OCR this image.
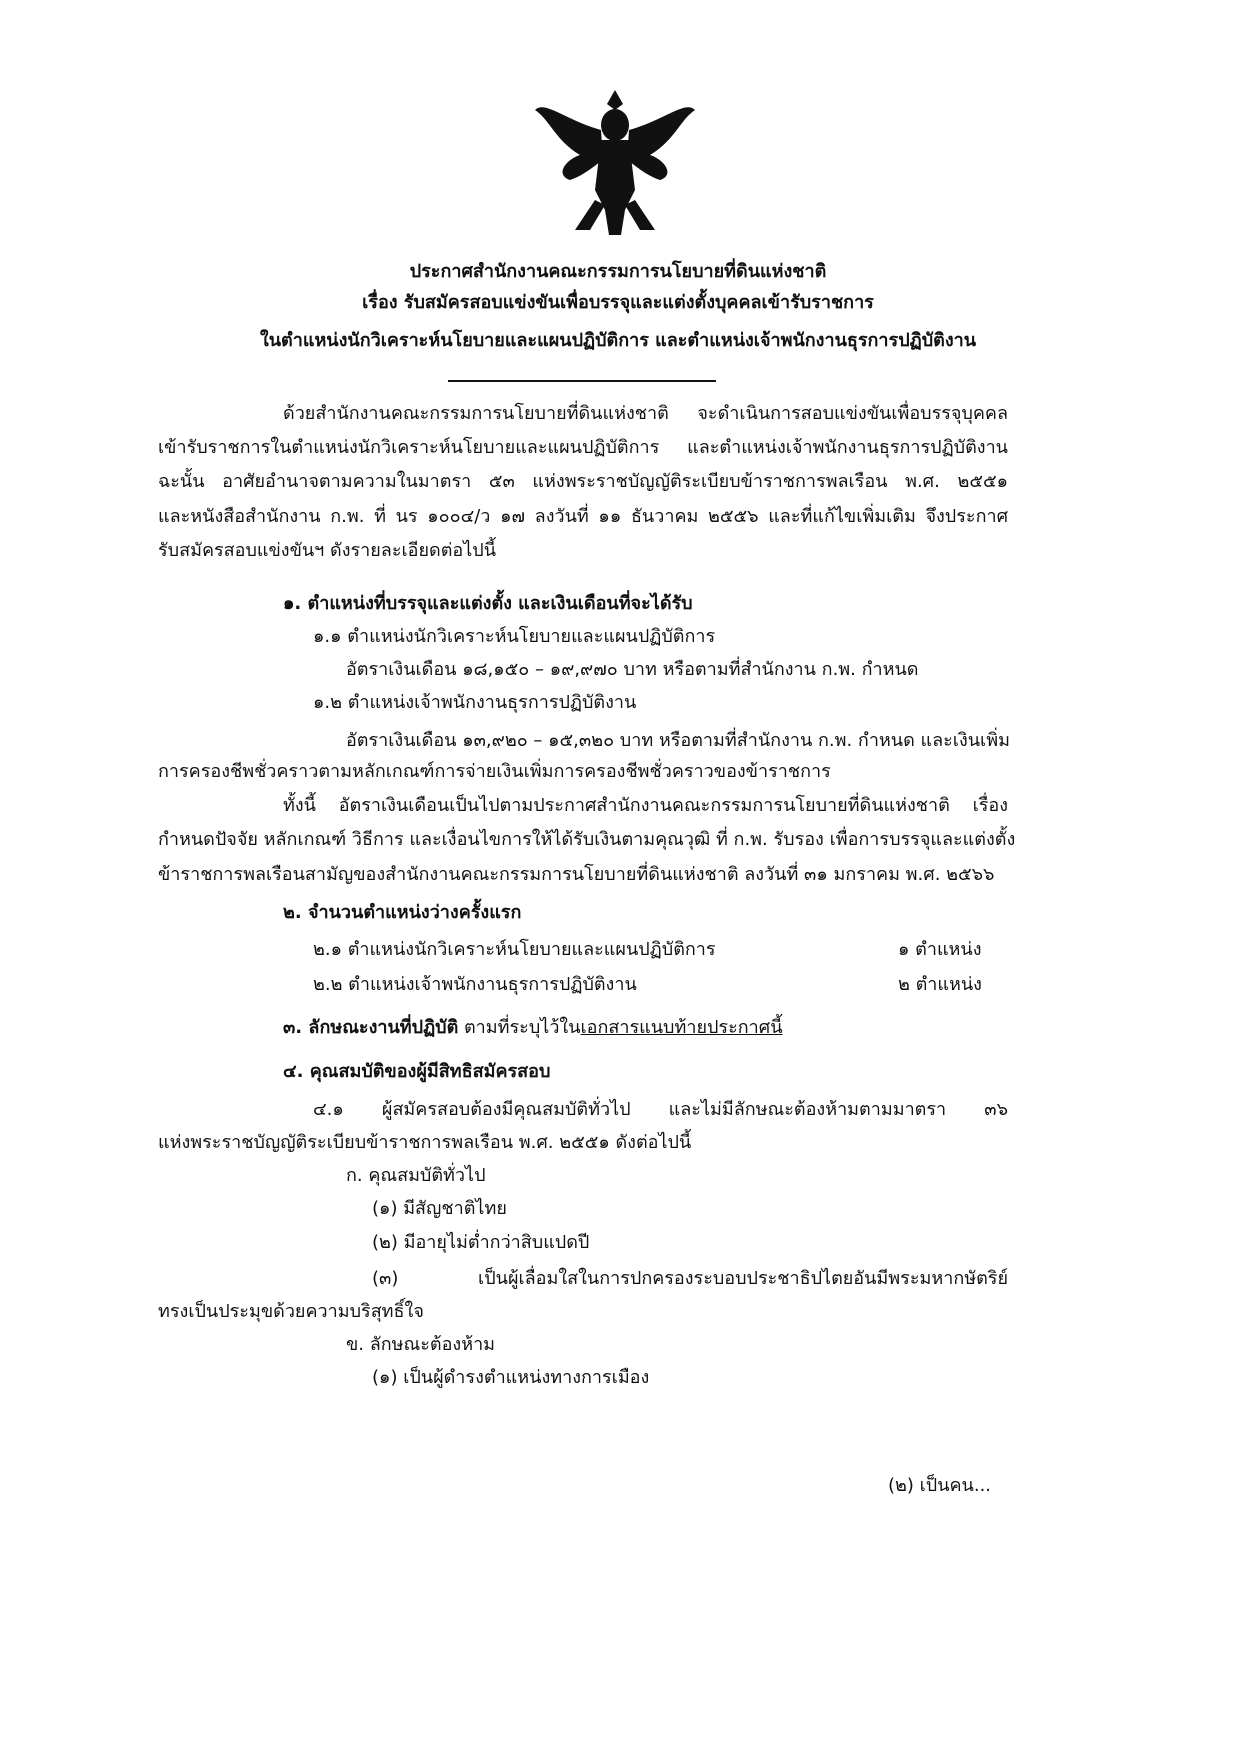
ประกาศสำนักงานคณะกรรมการนโยบายที่ดินแห่งชาติ
เรื่อง รับสมัครสอบแข่งขันเพื่อบรรจุและแต่งตั้งบุคคลเข้ารับราชการ
ในตำแหน่งนักวิเคราะห์นโยบายและแผนปฏิบัติการ และตำแหน่งเจ้าพนักงานธุรการปฏิบัติงาน
ด้วยสำนักงานคณะกรรมการนโยบายที่ดินแห่งชาติ จะดำเนินการสอบแข่งขันเพื่อบรรจุบุคคล
เข้ารับราชการในตำแหน่งนักวิเคราะห์นโยบายและแผนปฏิบัติการ และตำแหน่งเจ้าพนักงานธุรการปฏิบัติงาน
ฉะนั้น อาศัยอำนาจตามความในมาตรา ๕๓ แห่งพระราชบัญญัติระเบียบข้าราชการพลเรือน พ.ศ. ๒๕๕๑
และหนังสือสำนักงาน ก.พ. ที่ นร ๑๐๐๔/ว ๑๗ ลงวันที่ ๑๑ ธันวาคม ๒๕๕๖ และที่แก้ไขเพิ่มเติม จึงประกาศ
รับสมัครสอบแข่งขันฯ ดังรายละเอียดต่อไปนี้
๑. ตำแหน่งที่บรรจุและแต่งตั้ง และเงินเดือนที่จะได้รับ
๑.๑ ตำแหน่งนักวิเคราะห์นโยบายและแผนปฏิบัติการ
อัตราเงินเดือน ๑๘,๑๕๐ – ๑๙,๙๗๐ บาท หรือตามที่สำนักงาน ก.พ. กำหนด
๑.๒ ตำแหน่งเจ้าพนักงานธุรการปฏิบัติงาน
อัตราเงินเดือน ๑๓,๙๒๐ – ๑๕,๓๒๐ บาท หรือตามที่สำนักงาน ก.พ. กำหนด และเงินเพิ่ม
การครองชีพชั่วคราวตามหลักเกณฑ์การจ่ายเงินเพิ่มการครองชีพชั่วคราวของข้าราชการ
ทั้งนี้ อัตราเงินเดือนเป็นไปตามประกาศสำนักงานคณะกรรมการนโยบายที่ดินแห่งชาติ เรื่อง
กำหนดปัจจัย หลักเกณฑ์ วิธีการ และเงื่อนไขการให้ได้รับเงินตามคุณวุฒิ ที่ ก.พ. รับรอง เพื่อการบรรจุและแต่งตั้ง
ข้าราชการพลเรือนสามัญของสำนักงานคณะกรรมการนโยบายที่ดินแห่งชาติ ลงวันที่ ๓๑ มกราคม พ.ศ. ๒๕๖๖
๒. จำนวนตำแหน่งว่างครั้งแรก
๒.๑ ตำแหน่งนักวิเคราะห์นโยบายและแผนปฏิบัติการ	๑ ตำแหน่ง
๒.๒ ตำแหน่งเจ้าพนักงานธุรการปฏิบัติงาน	๒ ตำแหน่ง
๓. ลักษณะงานที่ปฏิบัติ ตามที่ระบุไว้ในเอกสารแนบท้ายประกาศนี้
๔. คุณสมบัติของผู้มีสิทธิสมัครสอบ
๔.๑ ผู้สมัครสอบต้องมีคุณสมบัติทั่วไป และไม่มีลักษณะต้องห้ามตามมาตรา ๓๖
แห่งพระราชบัญญัติระเบียบข้าราชการพลเรือน พ.ศ. ๒๕๕๑ ดังต่อไปนี้
ก. คุณสมบัติทั่วไป
(๑) มีสัญชาติไทย
(๒) มีอายุไม่ต่ำกว่าสิบแปดปี
(๓) เป็นผู้เลื่อมใสในการปกครองระบอบประชาธิปไตยอันมีพระมหากษัตริย์
ทรงเป็นประมุขด้วยความบริสุทธิ์ใจ
ข. ลักษณะต้องห้าม
(๑) เป็นผู้ดำรงตำแหน่งทางการเมือง
(๒) เป็นคน...
